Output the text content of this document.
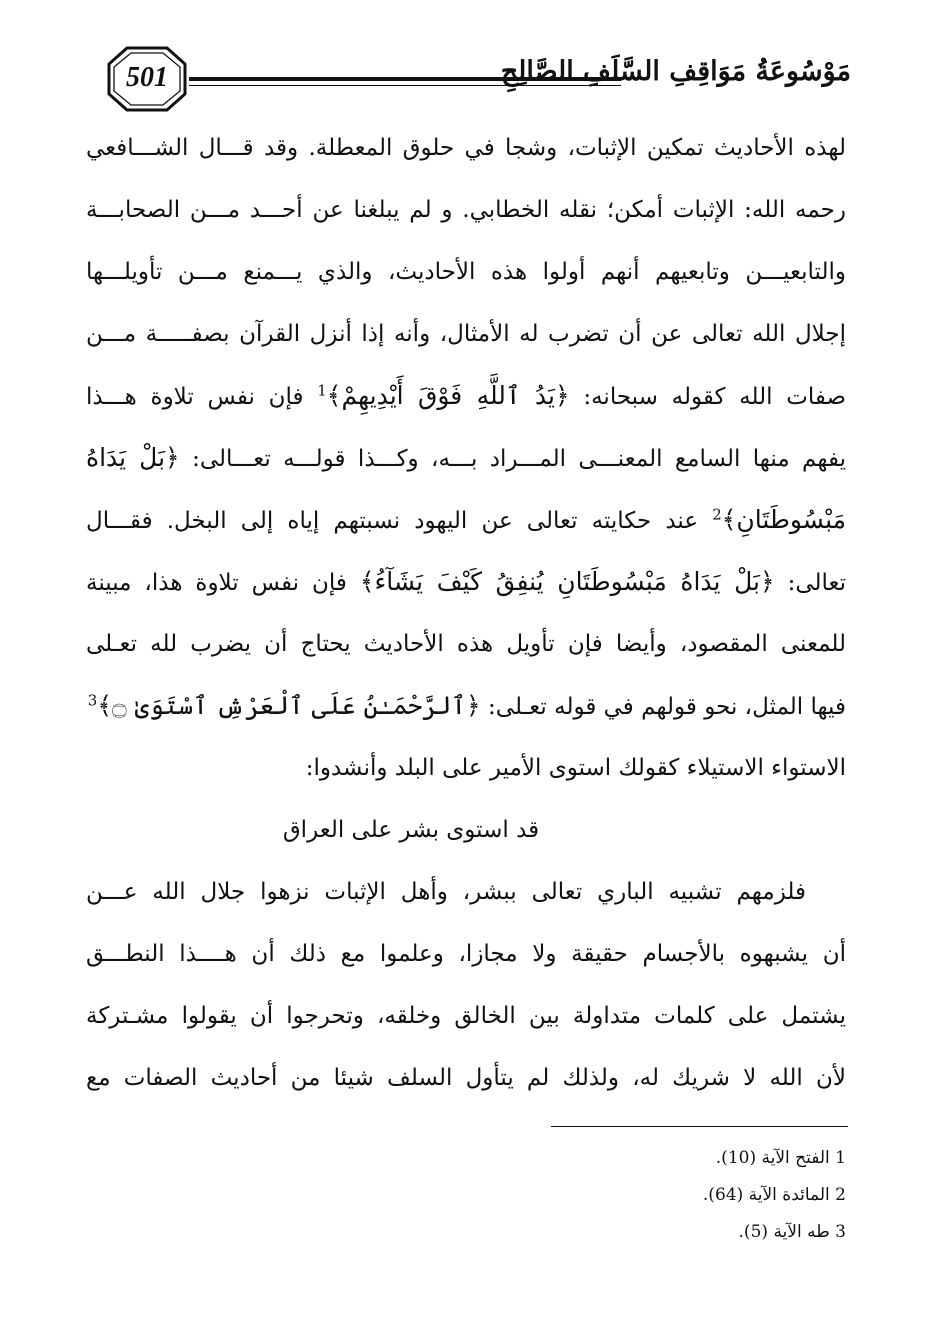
501	مَوْسُوعَةُ مَوَاقِفِ السَّلَفِ الصَّالِحِ
لهذه الأحاديث تمكين الإثبات، وشجا في حلوق المعطلة. وقد قـــال الشـــافعي
رحمه الله: الإثبات أمكن؛ نقله الخطابي. و لم يبلغنا عن أحـــد مـــن الصحابـــة
والتابعيـــن وتابعيهم أنهم أولوا هذه الأحاديث، والذي يـــمنع مـــن تأويلـــها
إجلال الله تعالى عن أن تضرب له الأمثال، وأنه إذا أنزل القرآن بصفـــــة مـــن
صفات الله كقوله سبحانه: ﴿يَدُ ٱللَّهِ فَوْقَ أَيْدِيهِمْ﴾$^1$ فإن نفس تلاوة هـــذا
يفهم منها السامع المعنـــى المـــراد بـــه، وكـــذا قولـــه تعـــالى: ﴿بَلْ يَدَاهُ
مَبْسُوطَتَانِ﴾$^2$ عند حكايته تعالى عن اليهود نسبتهم إياه إلى البخل. فقـــال
تعالى: ﴿بَلْ يَدَاهُ مَبْسُوطَتَانِ يُنفِقُ كَيْفَ يَشَآءُ﴾ فإن نفس تلاوة هذا، مبينة
للمعنى المقصود، وأيضا فإن تأويل هذه الأحاديث يحتاج أن يضرب لله تعـلى
فيها المثل، نحو قولهم في قوله تعـلى: ﴿ٱلرَّحْمَـٰنُ عَلَى ٱلْعَرْشِ ٱسْتَوَىٰ ۝﴾$^3$
الاستواء الاستيلاء كقولك استوى الأمير على البلد وأنشدوا:
قد استوى بشر على العراق
فلزمهم تشبيه الباري تعالى ببشر، وأهل الإثبات نزهوا جلال الله عـــن
أن يشبهوه بالأجسام حقيقة ولا مجازا، وعلموا مع ذلك أن هــــذا النطـــق
يشتمل على كلمات متداولة بين الخالق وخلقه، وتحرجوا أن يقولوا مشـتركة
لأن الله لا شريك له، ولذلك لم يتأول السلف شيئا من أحاديث الصفات مع
1 الفتح الآية (10).
2 المائدة الآية (64).
3 طه الآية (5).
